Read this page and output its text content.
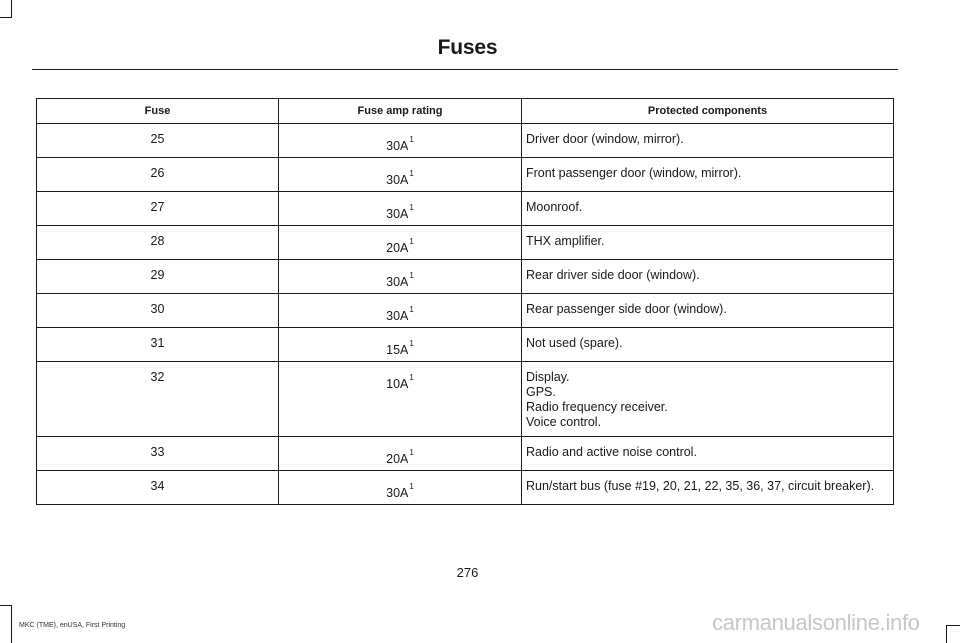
Fuses
Fuse	Fuse amp rating	Protected components
25	$30A^1$	Driver door (window, mirror).

26	$30A^1$	Front passenger door (window, mirror).

27	$30A^1$	Moonroof.

28	$20A^1$	THX amplifier.

29	$30A^1$	Rear driver side door (window).

30	$30A^1$	Rear passenger side door (window).

31	$15A^1$	Not used (spare).

32	$10A^1$	Display.
GPS.
Radio frequency receiver.
Voice control.

33	$20A^1$	Radio and active noise control.

34	$30A^1$	Run/start bus (fuse #19, 20, 21, 22, 35, 36, 37, circuit breaker).
276
MKC (TME), enUSA, First Printing	carmanualsonline.info
